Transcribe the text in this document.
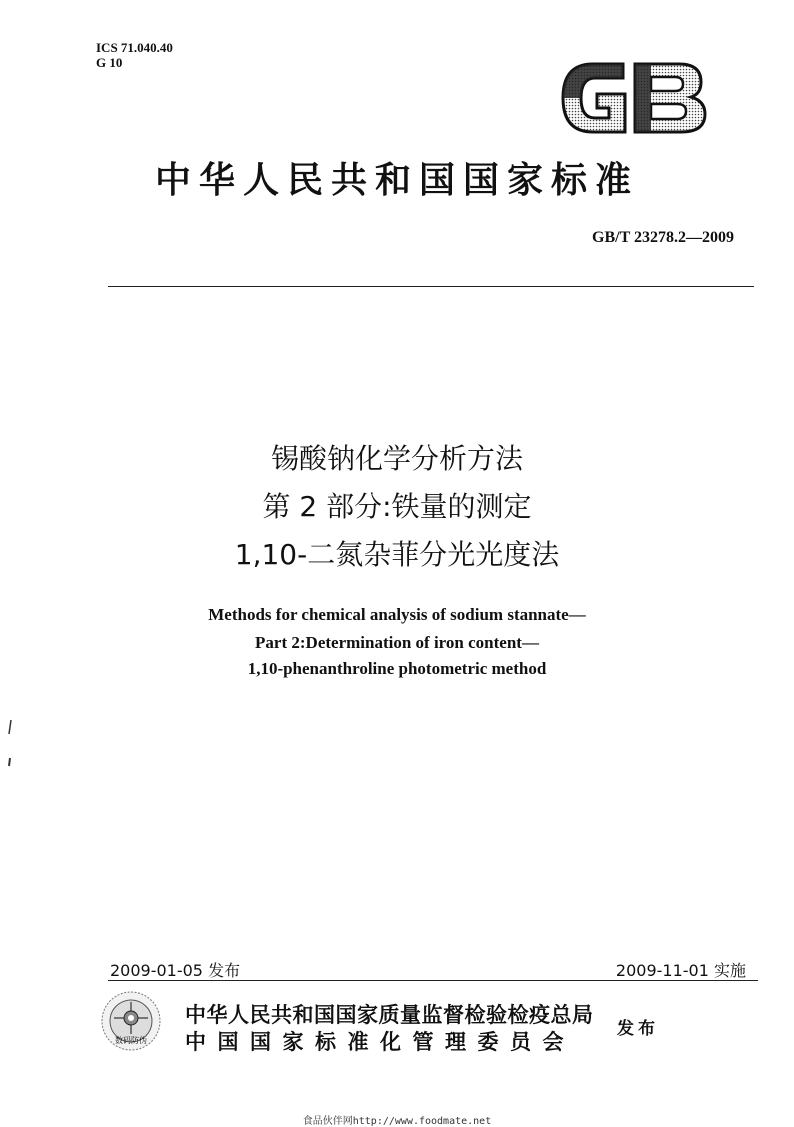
ICS 71.040.40
G 10
中华人民共和国国家标准
GB/T 23278.2—2009
锡酸钠化学分析方法
第 2 部分:铁量的测定
1,10-二氮杂菲分光光度法
Methods for chemical analysis of sodium stannate—
Part 2:Determination of iron content—
1,10-phenanthroline photometric method
2009-01-05 发布	2009-11-01 实施
数码防伪
中华人民共和国国家质量监督检验检疫总局
中国国家标准化管理委员会 发布
食品伙伴网http://www.foodmate.net
